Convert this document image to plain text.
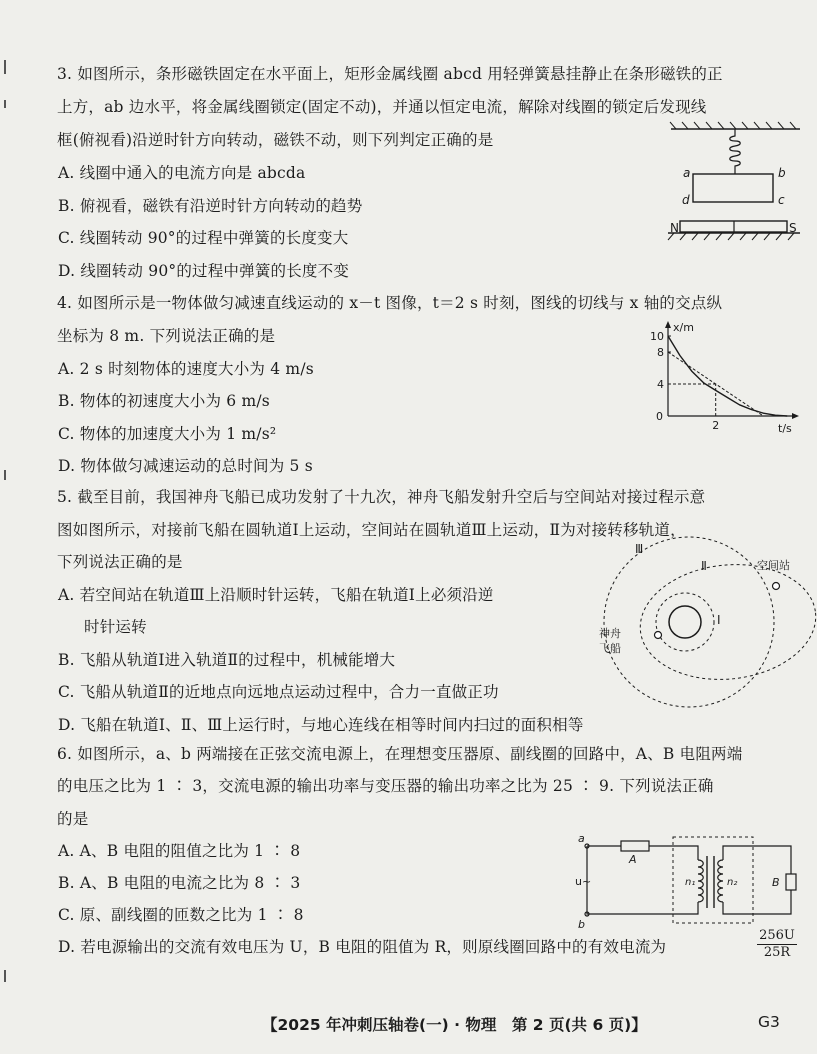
3. 如图所示，条形磁铁固定在水平面上，矩形金属线圈 abcd 用轻弹簧悬挂静止在条形磁铁的正
上方，ab 边水平，将金属线圈锁定(固定不动)，并通以恒定电流，解除对线圈的锁定后发现线
框(俯视看)沿逆时针方向转动，磁铁不动，则下列判定正确的是
A. 线圈中通入的电流方向是 abcda
B. 俯视看，磁铁有沿逆时针方向转动的趋势
C. 线圈转动 90°的过程中弹簧的长度变大
D. 线圈转动 90°的过程中弹簧的长度不变
a	b
c
d
N	S
4. 如图所示是一物体做匀减速直线运动的 x－t 图像，t＝2 s 时刻，图线的切线与 x 轴的交点纵
坐标为 8 m. 下列说法正确的是
A. 2 s 时刻物体的速度大小为 4 m/s
B. 物体的初速度大小为 6 m/s
C. 物体的加速度大小为 1 m/s²
D. 物体做匀减速运动的总时间为 5 s
x/m
t/s
0
10
8
4
2
5. 截至目前，我国神舟飞船已成功发射了十九次，神舟飞船发射升空后与空间站对接过程示意
图如图所示，对接前飞船在圆轨道Ⅰ上运动，空间站在圆轨道Ⅲ上运动，Ⅱ为对接转移轨道，
下列说法正确的是
A. 若空间站在轨道Ⅲ上沿顺时针运转，飞船在轨道Ⅰ上必须沿逆
时针运转
B. 飞船从轨道Ⅰ进入轨道Ⅱ的过程中，机械能增大
C. 飞船从轨道Ⅱ的近地点向远地点运动过程中，合力一直做正功
D. 飞船在轨道Ⅰ、Ⅱ、Ⅲ上运行时，与地心连线在相等时间内扫过的面积相等
Ⅲ
Ⅱ
Ⅰ
空间站
神舟
飞船
6. 如图所示，a、b 两端接在正弦交流电源上，在理想变压器原、副线圈的回路中，A、B 电阻两端
的电压之比为 1 ∶ 3，交流电源的输出功率与变压器的输出功率之比为 25 ∶ 9. 下列说法正确
的是
A. A、B 电阻的阻值之比为 1 ∶ 8
B. A、B 电阻的电流之比为 8 ∶ 3
C. 原、副线圈的匝数之比为 1 ∶ 8
D. 若电源输出的交流有效电压为 U，B 电阻的阻值为 R，则原线圈回路中的有效电流为	$\frac{256U}{25R}$
a
b
u~
A
B
n₁	n₂
【2025 年冲刺压轴卷(一) · 物理　第 2 页(共 6 页)】	G3
